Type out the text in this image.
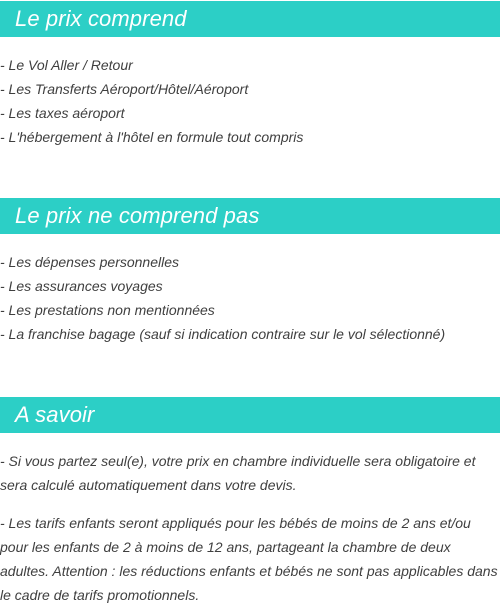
Le prix comprend
- Le Vol Aller / Retour
- Les Transferts Aéroport/Hôtel/Aéroport
- Les taxes aéroport
- L'hébergement à l'hôtel en formule tout compris
Le prix ne comprend pas
- Les dépenses personnelles
- Les assurances voyages
- Les prestations non mentionnées
- La franchise bagage (sauf si indication contraire sur le vol sélectionné)
A savoir

- Si vous partez seul(e), votre prix en chambre individuelle sera obligatoire et sera calculé automatiquement dans votre devis.

- Les tarifs enfants seront appliqués pour les bébés de moins de 2 ans et/ou pour les enfants de 2 à moins de 12 ans, partageant la chambre de deux adultes. Attention : les réductions enfants et bébés ne sont pas applicables dans le cadre de tarifs promotionnels.
